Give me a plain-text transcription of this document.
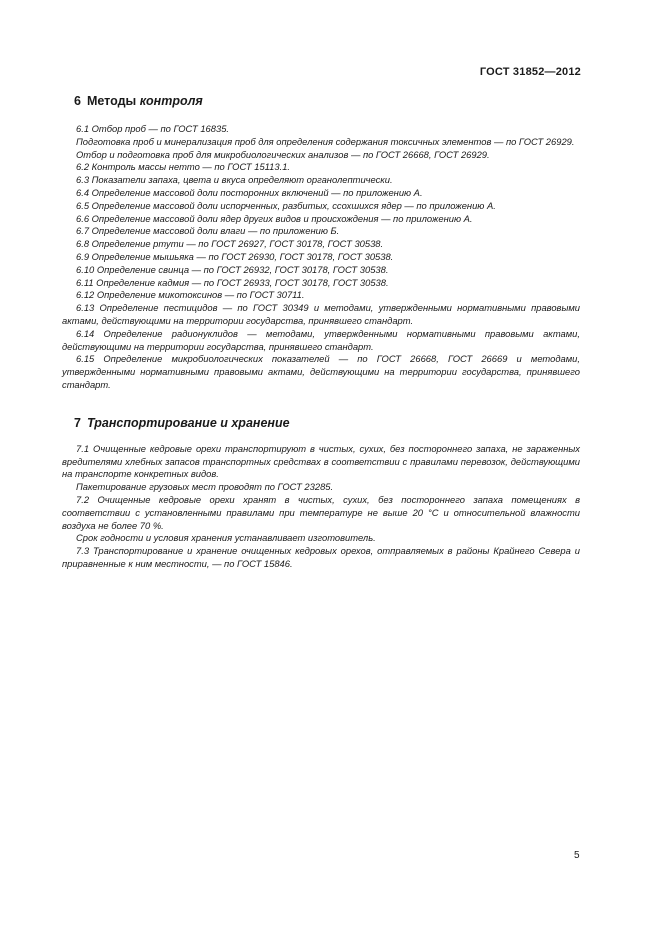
ГОСТ 31852—2012
6 Методы контроля

6.1 Отбор проб — по ГОСТ 16835.

Подготовка проб и минерализация проб для определения содержания токсичных элементов — по ГОСТ 26929.

Отбор и подготовка проб для микробиологических анализов — по ГОСТ 26668, ГОСТ 26929.

6.2 Контроль массы нетто — по ГОСТ 15113.1.

6.3 Показатели запаха, цвета и вкуса определяют органолептически.

6.4 Определение массовой доли посторонних включений — по приложению А.

6.5 Определение массовой доли испорченных, разбитых, ссохшихся ядер — по приложению А.

6.6 Определение массовой доли ядер других видов и происхождения — по приложению А.

6.7 Определение массовой доли влаги — по приложению Б.

6.8 Определение ртути — по ГОСТ 26927, ГОСТ 30178, ГОСТ 30538.

6.9 Определение мышьяка — по ГОСТ 26930, ГОСТ 30178, ГОСТ 30538.

6.10 Определение свинца — по ГОСТ 26932, ГОСТ 30178, ГОСТ 30538.

6.11 Определение кадмия — по ГОСТ 26933, ГОСТ 30178, ГОСТ 30538.

6.12 Определение микотоксинов — по ГОСТ 30711.

6.13 Определение пестицидов — по ГОСТ 30349 и методами, утвержденными нормативными правовыми актами, действующими на территории государства, принявшего стандарт.

6.14 Определение радионуклидов — методами, утвержденными нормативными правовыми актами, действующими на территории государства, принявшего стандарт.

6.15 Определение микробиологических показателей — по ГОСТ 26668, ГОСТ 26669 и методами, утвержденными нормативными правовыми актами, действующими на территории государства, принявшего стандарт.

7 Транспортирование и хранение

7.1 Очищенные кедровые орехи транспортируют в чистых, сухих, без постороннего запаха, не зараженных вредителями хлебных запасов транспортных средствах в соответствии с правилами перевозок, действующими на транспорте конкретных видов.

Пакетирование грузовых мест проводят по ГОСТ 23285.

7.2 Очищенные кедровые орехи хранят в чистых, сухих, без постороннего запаха помещениях в соответствии с установленными правилами при температуре не выше 20 °С и относительной влажности воздуха не более 70 %.

Срок годности и условия хранения устанавливает изготовитель.

7.3 Транспортирование и хранение очищенных кедровых орехов, отправляемых в районы Крайнего Севера и приравненные к ним местности, — по ГОСТ 15846.

5
